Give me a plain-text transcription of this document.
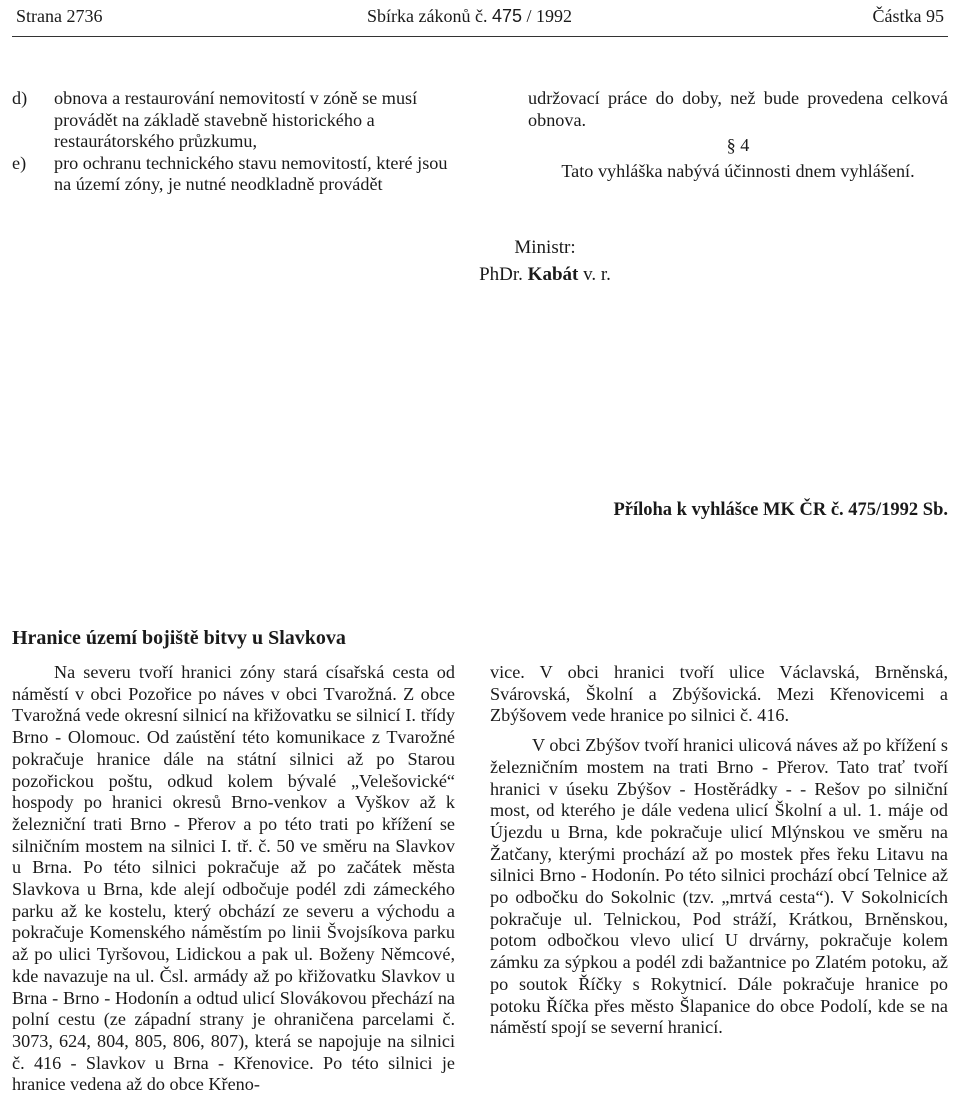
Strana 2736	Sbírka zákonů č. 475 / 1992	Částka 95
d)	obnova a restaurování nemovitostí v zóně se musí provádět na základě stavebně historického a restaurátorského průzkumu,
e)	pro ochranu technického stavu nemovitostí, které jsou na území zóny, je nutné neodkladně provádět

udržovací práce do doby, než bude provedena celková obnova.

§ 4

Tato vyhláška nabývá účinnosti dnem vyhlášení.

Ministr:
PhDr. Kabát v. r.
Příloha k vyhlášce MK ČR č. 475/1992 Sb.
Hranice území bojiště bitvy u Slavkova

Na severu tvoří hranici zóny stará císařská cesta od náměstí v obci Pozořice po náves v obci Tvarožná. Z obce Tvarožná vede okresní silnicí na křižovatku se silnicí I. třídy Brno - Olomouc. Od zaústění této komunikace z Tvarožné pokračuje hranice dále na státní silnici až po Starou pozořickou poštu, odkud kolem bývalé „Velešovické“ hospody po hranici okresů Brno-venkov a Vyškov až k železniční trati Brno - Přerov a po této trati po křížení se silničním mostem na silnici I. tř. č. 50 ve směru na Slavkov u Brna. Po této silnici pokračuje až po začátek města Slavkova u Brna, kde alejí odbočuje podél zdi zámeckého parku až ke kostelu, který obchází ze severu a východu a pokračuje Komenského náměstím po linii Švojsíkova parku až po ulici Tyršovou, Lidickou a pak ul. Boženy Němcové, kde navazuje na ul. Čsl. armády až po křižovatku Slavkov u Brna - Brno - Hodonín a odtud ulicí Slovákovou přechází na polní cestu (ze západní strany je ohraničena parcelami č. 3073, 624, 804, 805, 806, 807), která se napojuje na silnici č. 416 - Slavkov u Brna - Křenovice. Po této silnici je hranice vedena až do obce Křeno-

vice. V obci hranici tvoří ulice Václavská, Brněnská, Svárovská, Školní a Zbýšovická. Mezi Křenovicemi a Zbýšovem vede hranice po silnici č. 416.

V obci Zbýšov tvoří hranici ulicová náves až po křížení s železničním mostem na trati Brno - Přerov. Tato trať tvoří hranici v úseku Zbýšov - Hostěrádky - - Rešov po silniční most, od kterého je dále vedena ulicí Školní a ul. 1. máje od Újezdu u Brna, kde pokračuje ulicí Mlýnskou ve směru na Žatčany, kterými prochází až po mostek přes řeku Litavu na silnici Brno - Hodonín. Po této silnici prochází obcí Telnice až po odbočku do Sokolnic (tzv. „mrtvá cesta“). V Sokolnicích pokračuje ul. Telnickou, Pod stráží, Krátkou, Brněnskou, potom odbočkou vlevo ulicí U drvárny, pokračuje kolem zámku za sýpkou a podél zdi bažantnice po Zlatém potoku, až po soutok Říčky s Rokytnicí. Dále pokračuje hranice po potoku Říčka přes město Šlapanice do obce Podolí, kde se na náměstí spojí se severní hranicí.
